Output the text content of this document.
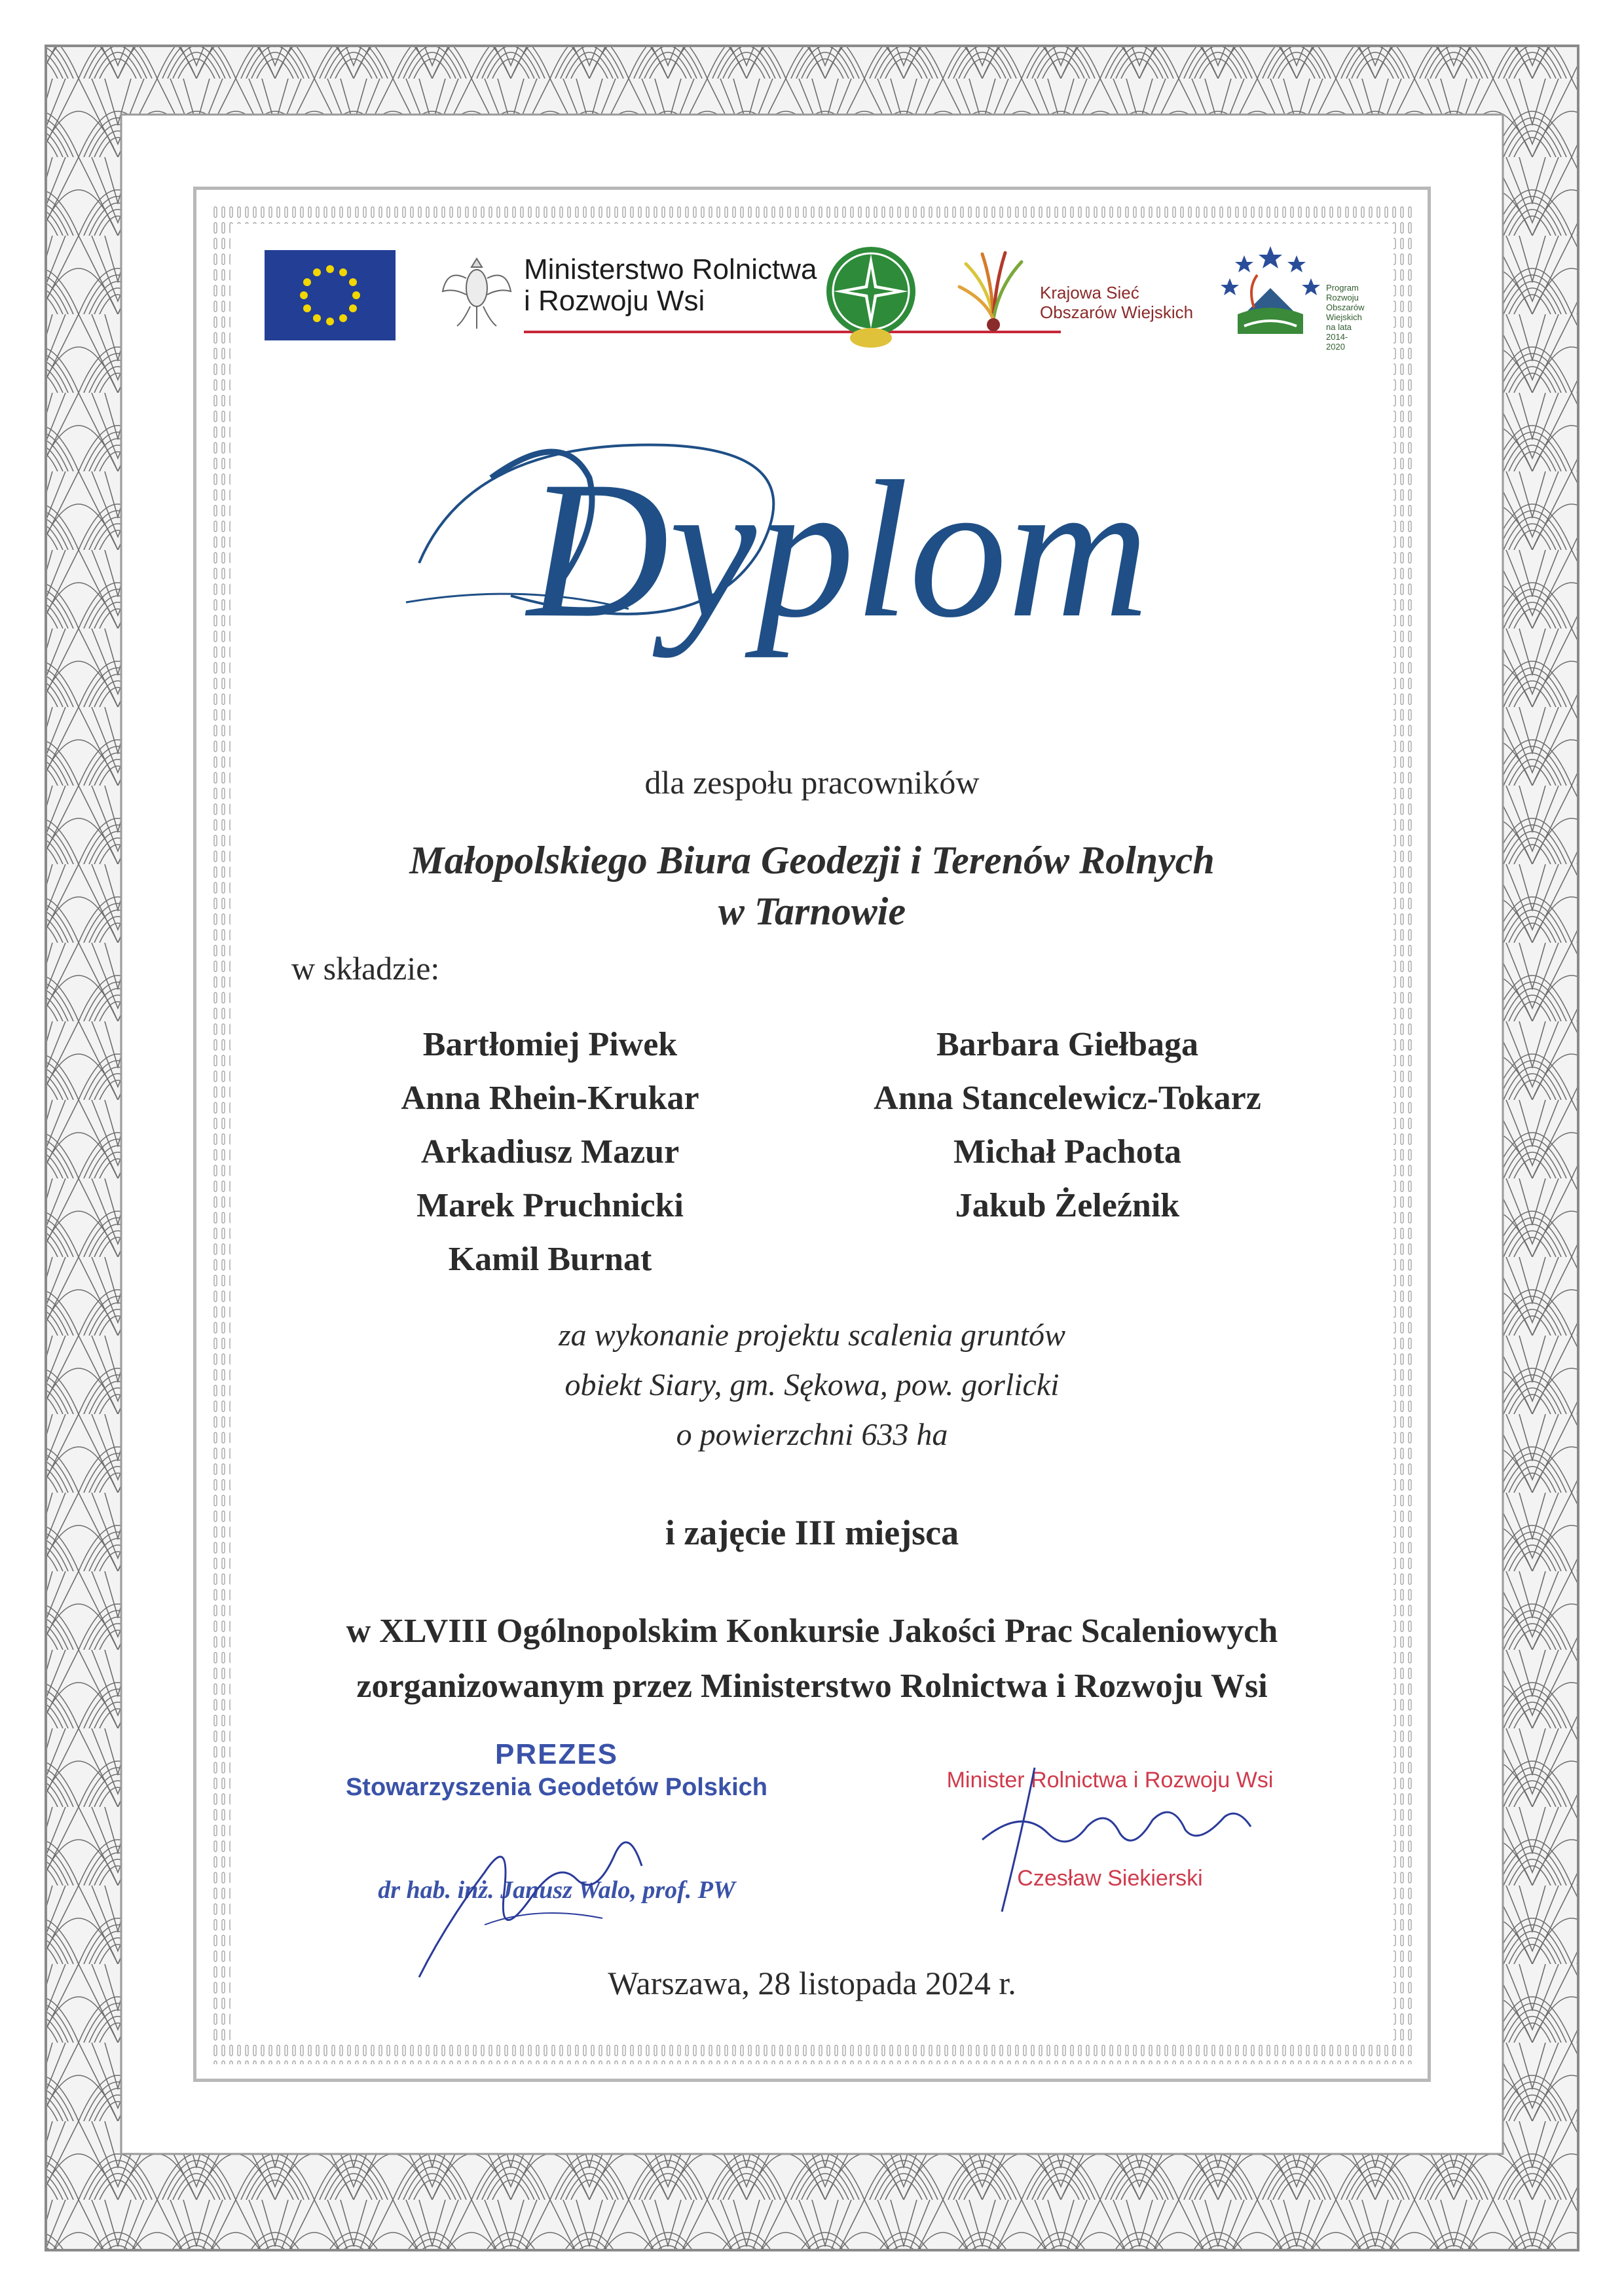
Ministerstwo Rolnictwa
i Rozwoju Wsi	Krajowa Sieć
Obszarów Wiejskich
Program
Rozwoju
Obszarów
Wiejskich
na lata 2014-2020
Dyplom
dla zespołu pracowników
Małopolskiego Biura Geodezji i Terenów Rolnych
w Tarnowie
w składzie:
Bartłomiej Piwek
Anna Rhein-Krukar
Arkadiusz Mazur
Marek Pruchnicki
Kamil Burnat
Barbara Giełbaga
Anna Stancelewicz-Tokarz
Michał Pachota
Jakub Żeleźnik
za wykonanie projektu scalenia gruntów
obiekt Siary, gm. Sękowa, pow. gorlicki
o powierzchni 633 ha
i zajęcie III miejsca
w XLVIII Ogólnopolskim Konkursie Jakości Prac Scaleniowych
zorganizowanym przez Ministerstwo Rolnictwa i Rozwoju Wsi
PREZES
Stowarzyszenia Geodetów Polskich
dr hab. inż. Janusz Walo, prof. PW
Minister Rolnictwa i Rozwoju Wsi
Czesław Siekierski
Warszawa, 28 listopada 2024 r.
